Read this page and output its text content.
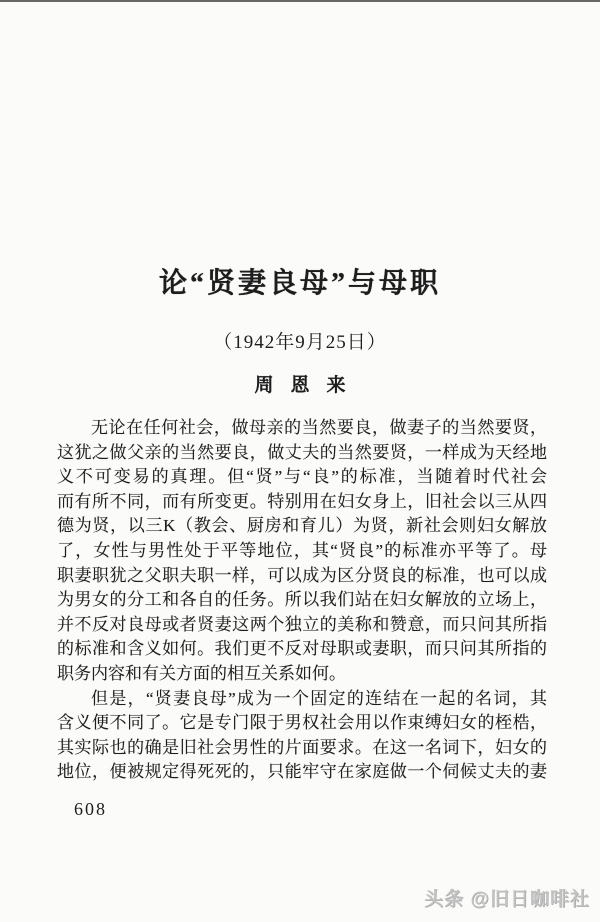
论“贤妻良母”与母职
（1942年9月25日）
周恩来
无论在任何社会，做母亲的当然要良，做妻子的当然要贤，
这犹之做父亲的当然要良，做丈夫的当然要贤，一样成为天经地
义不可变易的真理。但“贤”与“良”的标准，当随着时代社会
而有所不同，而有所变更。特别用在妇女身上，旧社会以三从四
德为贤，以三K（教会、厨房和育儿）为贤，新社会则妇女解放
了，女性与男性处于平等地位，其“贤良”的标准亦平等了。母
职妻职犹之父职夫职一样，可以成为区分贤良的标准，也可以成
为男女的分工和各自的任务。所以我们站在妇女解放的立场上，
并不反对良母或者贤妻这两个独立的美称和赞意，而只问其所指
的标准和含义如何。我们更不反对母职或妻职，而只问其所指的
职务内容和有关方面的相互关系如何。
但是，“贤妻良母”成为一个固定的连结在一起的名词，其
含义便不同了。它是专门限于男权社会用以作束缚妇女的桎梏，
其实际也的确是旧社会男性的片面要求。在这一名词下，妇女的
地位，便被规定得死死的，只能牢守在家庭做一个伺候丈夫的妻
608
头条 @旧日咖啡社
